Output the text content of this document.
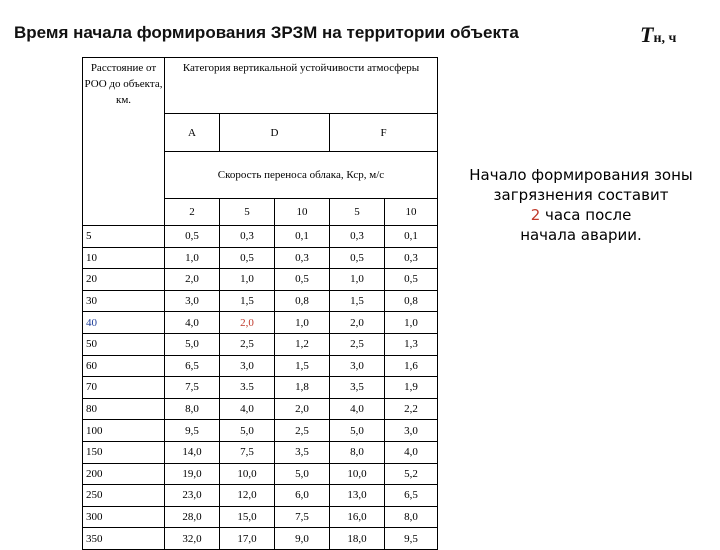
Время начала формирования ЗРЗМ на территории объекта	Tн, ч
Расстояние от РОО до объекта, км.	Категория вертикальной устойчивости атмосферы				
	A	D		F	
	Скорость переноса облака, Кср, м/с				
	2	5	10	5	10
5	0,5	0,3	0,1	0,3	0,1
10	1,0	0,5	0,3	0,5	0,3
20	2,0	1,0	0,5	1,0	0,5
30	3,0	1,5	0,8	1,5	0,8
40	4,0	2,0	1,0	2,0	1,0
50	5,0	2,5	1,2	2,5	1,3
60	6,5	3,0	1,5	3,0	1,6
70	7,5	3.5	1,8	3,5	1,9
80	8,0	4,0	2,0	4,0	2,2
100	9,5	5,0	2,5	5,0	3,0
150	14,0	7,5	3,5	8,0	4,0
200	19,0	10,0	5,0	10,0	5,2
250	23,0	12,0	6,0	13,0	6,5
300	28,0	15,0	7,5	16,0	8,0
350	32,0	17,0	9,0	18,0	9,5
Начало формирования зоны
загрязнения составит
2 часа после
начала аварии.
